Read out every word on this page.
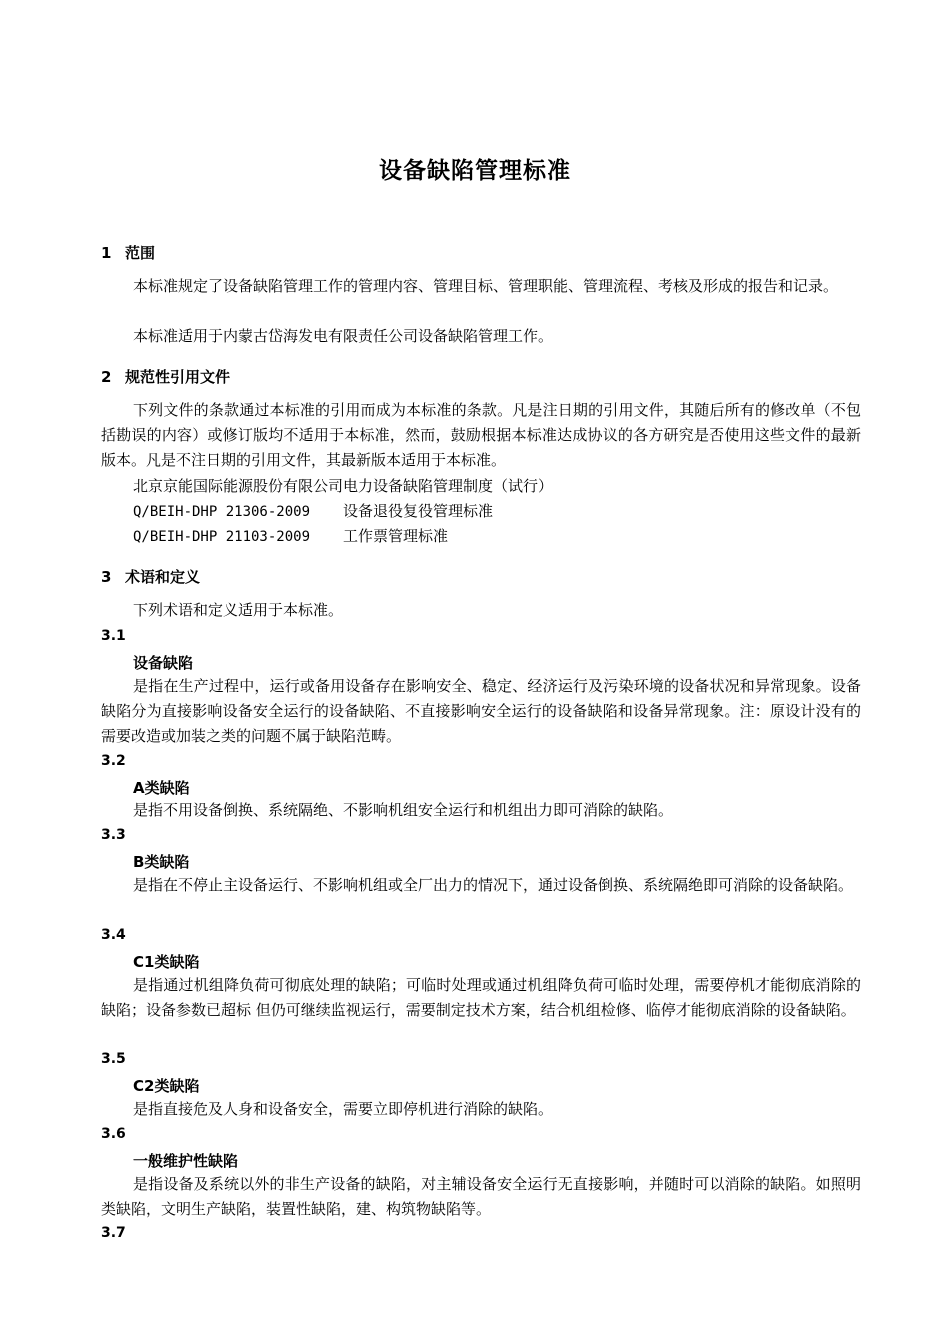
设备缺陷管理标准
1 范围
本标准规定了设备缺陷管理工作的管理内容、管理目标、管理职能、管理流程、考核及形成的报告和记录。
本标准适用于内蒙古岱海发电有限责任公司设备缺陷管理工作。
2 规范性引用文件
下列文件的条款通过本标准的引用而成为本标准的条款。凡是注日期的引用文件，其随后所有的修改单（不包括勘误的内容）或修订版均不适用于本标准，然而，鼓励根据本标准达成协议的各方研究是否使用这些文件的最新版本。凡是不注日期的引用文件，其最新版本适用于本标准。
北京京能国际能源股份有限公司电力设备缺陷管理制度（试行）
Q/BEIH-DHP 21306-2009 设备退役复役管理标准
Q/BEIH-DHP 21103-2009 工作票管理标准
3 术语和定义
下列术语和定义适用于本标准。
3.1
设备缺陷
是指在生产过程中，运行或备用设备存在影响安全、稳定、经济运行及污染环境的设备状况和异常现象。设备缺陷分为直接影响设备安全运行的设备缺陷、不直接影响安全运行的设备缺陷和设备异常现象。注：原设计没有的需要改造或加装之类的问题不属于缺陷范畴。
3.2
A类缺陷
是指不用设备倒换、系统隔绝、不影响机组安全运行和机组出力即可消除的缺陷。
3.3
B类缺陷
是指在不停止主设备运行、不影响机组或全厂出力的情况下，通过设备倒换、系统隔绝即可消除的设备缺陷。
3.4
C1类缺陷
是指通过机组降负荷可彻底处理的缺陷；可临时处理或通过机组降负荷可临时处理，需要停机才能彻底消除的缺陷；设备参数已超标 但仍可继续监视运行，需要制定技术方案，结合机组检修、临停才能彻底消除的设备缺陷。
3.5
C2类缺陷
是指直接危及人身和设备安全，需要立即停机进行消除的缺陷。
3.6
一般维护性缺陷
是指设备及系统以外的非生产设备的缺陷，对主辅设备安全运行无直接影响，并随时可以消除的缺陷。如照明类缺陷，文明生产缺陷，装置性缺陷，建、构筑物缺陷等。
3.7
